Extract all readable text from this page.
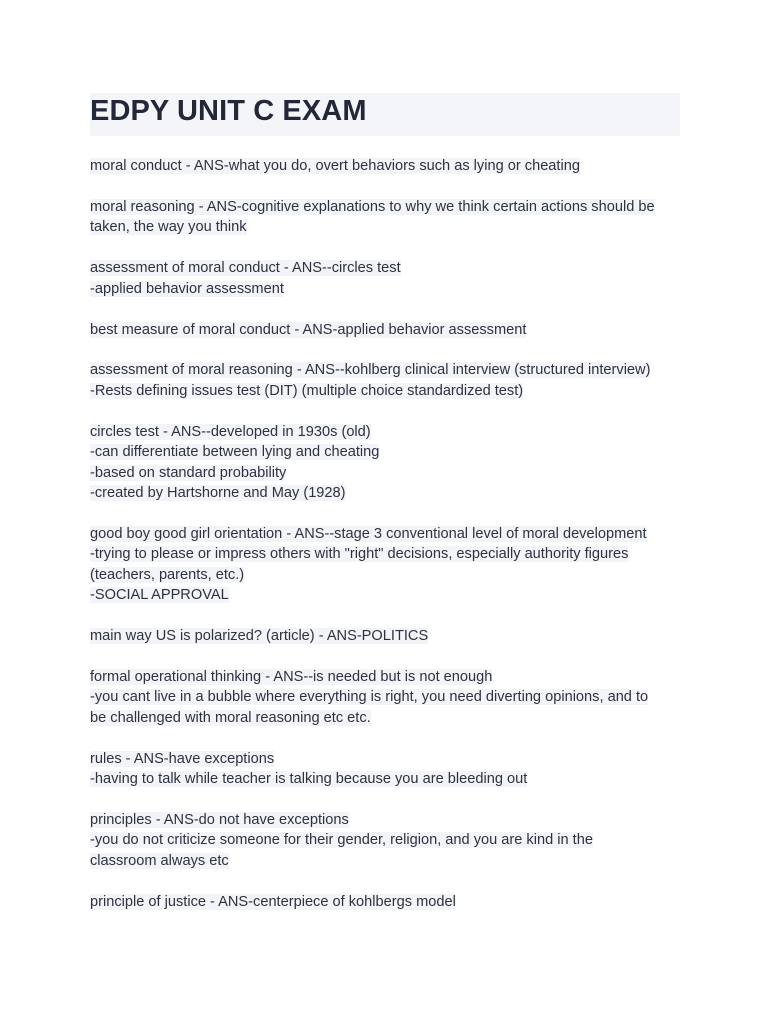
EDPY UNIT C EXAM
moral conduct - ANS-what you do, overt behaviors such as lying or cheating
moral reasoning - ANS-cognitive explanations to why we think certain actions should be
taken, the way you think
assessment of moral conduct - ANS--circles test
-applied behavior assessment
best measure of moral conduct - ANS-applied behavior assessment
assessment of moral reasoning - ANS--kohlberg clinical interview (structured interview)
-Rests defining issues test (DIT) (multiple choice standardized test)
circles test - ANS--developed in 1930s (old)
-can differentiate between lying and cheating
-based on standard probability
-created by Hartshorne and May (1928)
good boy good girl orientation - ANS--stage 3 conventional level of moral development
-trying to please or impress others with "right" decisions, especially authority figures
(teachers, parents, etc.)
-SOCIAL APPROVAL
main way US is polarized? (article) - ANS-POLITICS
formal operational thinking - ANS--is needed but is not enough
-you cant live in a bubble where everything is right, you need diverting opinions, and to
be challenged with moral reasoning etc etc.
rules - ANS-have exceptions
-having to talk while teacher is talking because you are bleeding out
principles - ANS-do not have exceptions
-you do not criticize someone for their gender, religion, and you are kind in the
classroom always etc
principle of justice - ANS-centerpiece of kohlbergs model
